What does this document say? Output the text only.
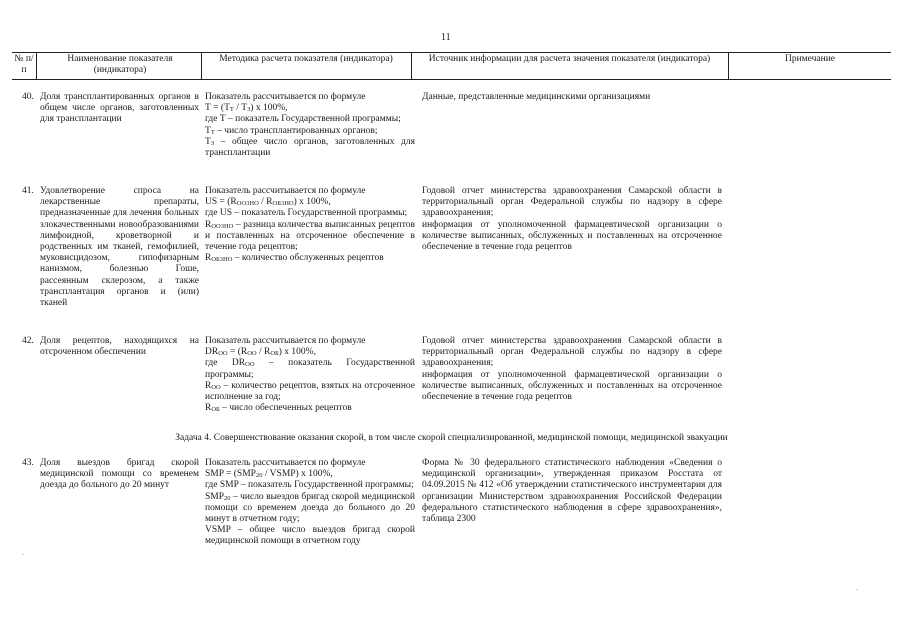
11
№ п/п
Наименование показателя (индикатора)
Методика расчета показателя (индикатора)	Источник информации для расчета значения показателя (индикатора)	Примечание
40. Доля трансплантированных органов в общем числе органов, заготовленных для трансплантации
Показатель рассчитывается по формуле
$Т = (Т_Т / Т_З)$ х 100%,
где Т – показатель Государственной программы;
$Т_Т$ – число трансплантированных органов;
$Т_З$ – общее число органов, заготовленных для трансплантации
Данные, представленные медицинскими организациями
41. Удовлетворение спроса на лекарственные препараты, предназначенные для лечения больных злокачественными новообразованиями лимфоидной, кроветворной и родственных им тканей, гемофилией, муковисцидозом, гипофизарным нанизмом, болезнью Гоше, рассеянным склерозом, а также трансплантация органов и (или) тканей
Показатель рассчитывается по формуле
US = $(R_{ОО3НО} / R_{ОБ3НО})$ х 100%,
где US – показатель Государственной программы;
$R_{ОО3НО}$ – разница количества выписанных рецептов и поставленных на отсроченное обеспечение в течение года рецептов;
$R_{ОБ3НО}$ – количество обслуженных рецептов
Годовой отчет министерства здравоохранения Самарской области в территориальный орган Федеральной службы по надзору в сфере здравоохранения;
информация от уполномоченной фармацевтической организации о количестве выписанных, обслуженных и поставленных на отсроченное обеспечение в течение года рецептов
42. Доля рецептов, находящихся на отсроченном обеспечении
Показатель рассчитывается по формуле
$DR_{ОО} = (R_{ОО} / R_{ОБ})$ х 100%,
где $DR_{ОО}$ – показатель Государственной программы;
$R_{ОО}$ – количество рецептов, взятых на отсроченное исполнение за год;
$R_{ОБ}$ – число обеспеченных рецептов
Годовой отчет министерства здравоохранения Самарской области в территориальный орган Федеральной службы по надзору в сфере здравоохранения;
информация от уполномоченной фармацевтической организации о количестве выписанных, обслуженных и поставленных на отсроченное обеспечение в течение года рецептов
Задача 4. Совершенствование оказания скорой, в том числе скорой специализированной, медицинской помощи, медицинской эвакуации
43. Доля выездов бригад скорой медицинской помощи со временем доезда до больного до 20 минут
Показатель рассчитывается по формуле
SMP = ($SMP_{20}$ / VSMP) х 100%,
где SMP – показатель Государственной программы;
$SMP_{20}$ – число выездов бригад скорой медицинской помощи со временем доезда до больного до 20 минут в отчетном году;
VSMP – общее число выездов бригад скорой медицинской помощи в отчетном году
Форма № 30 федерального статистического наблюдения «Сведения о медицинской организации», утвержденная приказом Росстата от 04.09.2015 № 412 «Об утверждении статистического инструментария для организации Министерством здравоохранения Российской Федерации федерального статистического наблюдения в сфере здравоохранения», таблица 2300
.
.
